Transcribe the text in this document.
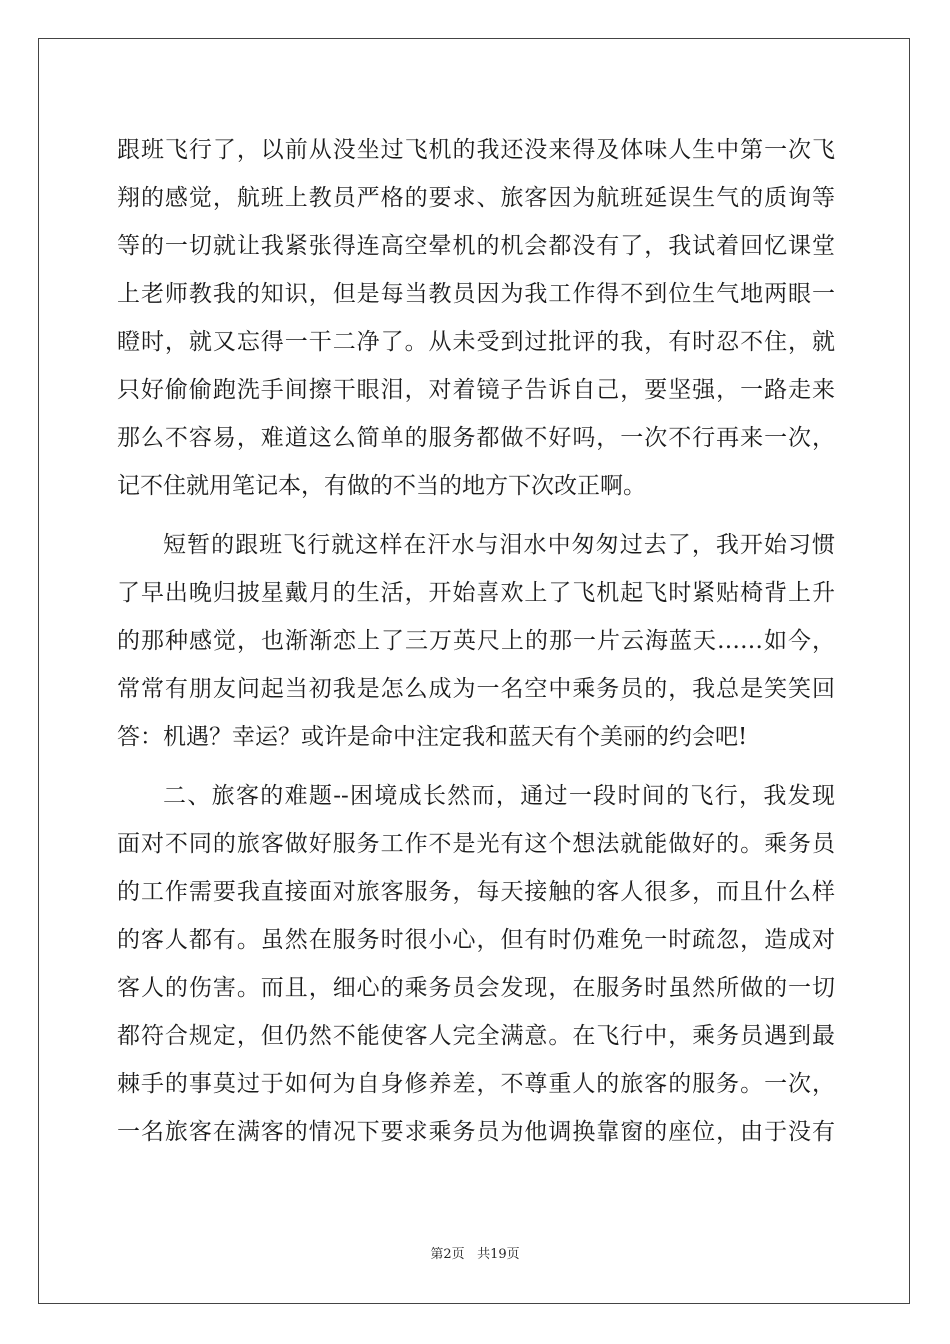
跟班飞行了，以前从没坐过飞机的我还没来得及体味人生中第一次飞
翔的感觉，航班上教员严格的要求、旅客因为航班延误生气的质询等
等的一切就让我紧张得连高空晕机的机会都没有了，我试着回忆课堂
上老师教我的知识，但是每当教员因为我工作得不到位生气地两眼一
瞪时，就又忘得一干二净了。从未受到过批评的我，有时忍不住，就
只好偷偷跑洗手间擦干眼泪，对着镜子告诉自己，要坚强，一路走来
那么不容易，难道这么简单的服务都做不好吗，一次不行再来一次，
记不住就用笔记本，有做的不当的地方下次改正啊。
短暂的跟班飞行就这样在汗水与泪水中匆匆过去了，我开始习惯
了早出晚归披星戴月的生活，开始喜欢上了飞机起飞时紧贴椅背上升
的那种感觉，也渐渐恋上了三万英尺上的那一片云海蓝天……如今，
常常有朋友问起当初我是怎么成为一名空中乘务员的，我总是笑笑回
答：机遇？幸运？或许是命中注定我和蓝天有个美丽的约会吧!
二、旅客的难题--困境成长然而，通过一段时间的飞行，我发现
面对不同的旅客做好服务工作不是光有这个想法就能做好的。乘务员
的工作需要我直接面对旅客服务，每天接触的客人很多，而且什么样
的客人都有。虽然在服务时很小心，但有时仍难免一时疏忽，造成对
客人的伤害。而且，细心的乘务员会发现，在服务时虽然所做的一切
都符合规定，但仍然不能使客人完全满意。在飞行中，乘务员遇到最
棘手的事莫过于如何为自身修养差，不尊重人的旅客的服务。一次，
一名旅客在满客的情况下要求乘务员为他调换靠窗的座位，由于没有
第2页 共19页
